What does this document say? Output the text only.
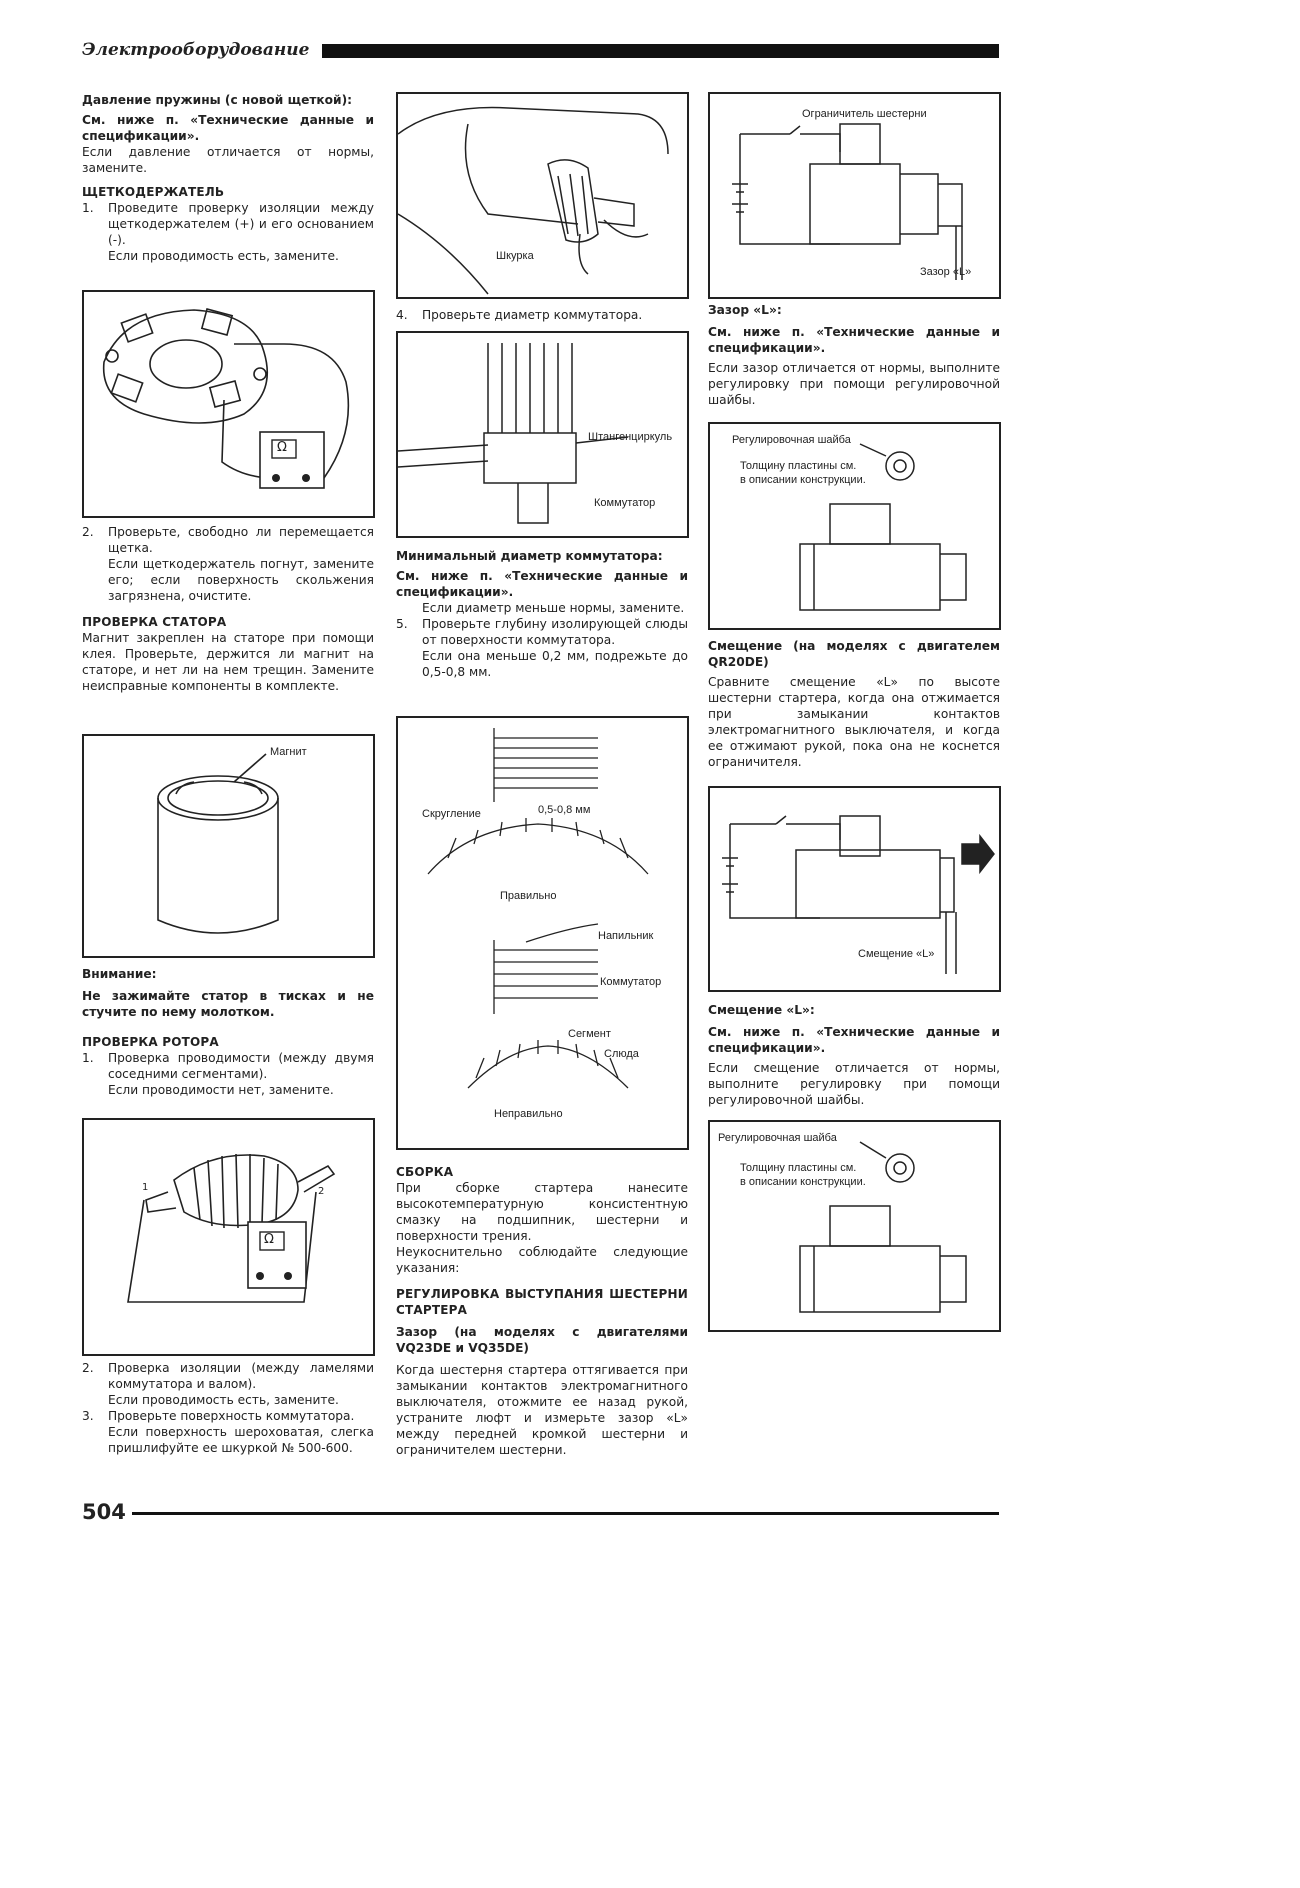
Электрооборудование

Давление пружины (с новой щеткой):

См. ниже п. «Технические данные и спецификации».

Если давление отличается от нормы, замените.

ЩЕТКОДЕРЖАТЕЛЬ

1.	Проведите проверку изоляции между щеткодержателем (+) и его основанием (-).
Если проводимость есть, замените.
Ω
2.	Проверьте, свободно ли перемещается щетка.
Если щеткодержатель погнут, замените его; если поверхность скольжения загрязнена, очистите.

ПРОВЕРКА СТАТОРА

Магнит закреплен на статоре при помощи клея. Проверьте, держится ли магнит на статоре, и нет ли на нем трещин. Замените неисправные компоненты в комплекте.

Магнит

Внимание:

Не зажимайте статор в тисках и не стучите по нему молотком.

ПРОВЕРКА РОТОРА

1.	Проверка проводимости (между двумя соседними сегментами).
Если проводимости нет, замените.
Ω
1	2
2.	Проверка изоляции (между ламелями коммутатора и валом).
Если проводимость есть, замените.
3.	Проверьте поверхность коммутатора.
Если поверхность шероховатая, слегка пришлифуйте ее шкуркой № 500-600.
Шкурка
4.	Проверьте диаметр коммутатора.
Штангенциркуль
Коммутатор

Минимальный диаметр коммутатора:

См. ниже п. «Технические данные и спецификации».

Если диаметр меньше нормы, замените.

5.	Проверьте глубину изолирующей слюды от поверхности коммутатора.
Если она меньше 0,2 мм, подрежьте до 0,5-0,8 мм.
Скругление	0,5-0,8 мм
Правильно
Напильник
Коммутатор
Сегмент
Слюда
Неправильно

СБОРКА

При сборке стартера нанесите высокотемпературную консистентную смазку на подшипник, шестерни и поверхности трения.

Неукоснительно соблюдайте следующие указания:

РЕГУЛИРОВКА ВЫСТУПАНИЯ ШЕСТЕРНИ СТАРТЕРА

Зазор (на моделях с двигателями VQ23DE и VQ35DE)

Когда шестерня стартера оттягивается при замыкании контактов электромагнитного выключателя, отожмите ее назад рукой, устраните люфт и измерьте зазор «L» между передней кромкой шестерни и ограничителем шестерни.

Ограничитель шестерни
Зазор «L»

Зазор «L»:

См. ниже п. «Технические данные и спецификации».

Если зазор отличается от нормы, выполните регулировку при помощи регулировочной шайбы.

Регулировочная шайба
Толщину пластины см.
в описании конструкции.

Смещение (на моделях с двигателем QR20DE)

Сравните смещение «L» по высоте шестерни стартера, когда она отжимается при замыкании контактов электромагнитного выключателя, и когда ее отжимают рукой, пока она не коснется ограничителя.

Смещение «L»

Смещение «L»:

См. ниже п. «Технические данные и спецификации».

Если смещение отличается от нормы, выполните регулировку при помощи регулировочной шайбы.

Регулировочная шайба
Толщину пластины см.
в описании конструкции.
504
